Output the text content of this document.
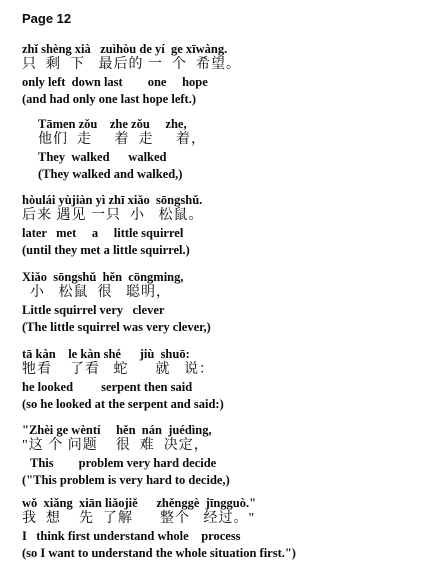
Page 12
zhǐ shèng xià   zuìhòu de yí  ge xīwàng.
只  剩  下   最后的 一  个  希望。
only left  down last        one     hope
(and had only one last hope left.)
Tāmen zǒu    zhe zǒu     zhe,
他们  走     着  走     着，
They  walked      walked
(They walked and walked,)
hòulái yùjiàn yì zhī xiǎo  sōngshǔ.
后来 遇见 一只  小   松鼠。
later   met     a     little squirrel
(until they met a little squirrel.)
Xiǎo  sōngshǔ  hěn  cōngming,
小   松鼠  很   聪明，
Little squirrel very   clever
(The little squirrel was very clever,)
tā kàn    le kàn shé      jiù  shuō:
牠看    了看   蛇      就   说：
he looked         serpent then said
(so he looked at the serpent and said:)
"Zhèi ge wèntí     hěn  nán  juédìng,
"这 个 问题    很  难  决定，
This        problem very hard decide
("This problem is very hard to decide,)
wǒ  xiǎng  xiān liǎojiě      zhěnggè  jīngguò."
我  想    先  了解      整个   经过。"
I   think first understand whole    process
(so I want to understand the whole situation first.")
